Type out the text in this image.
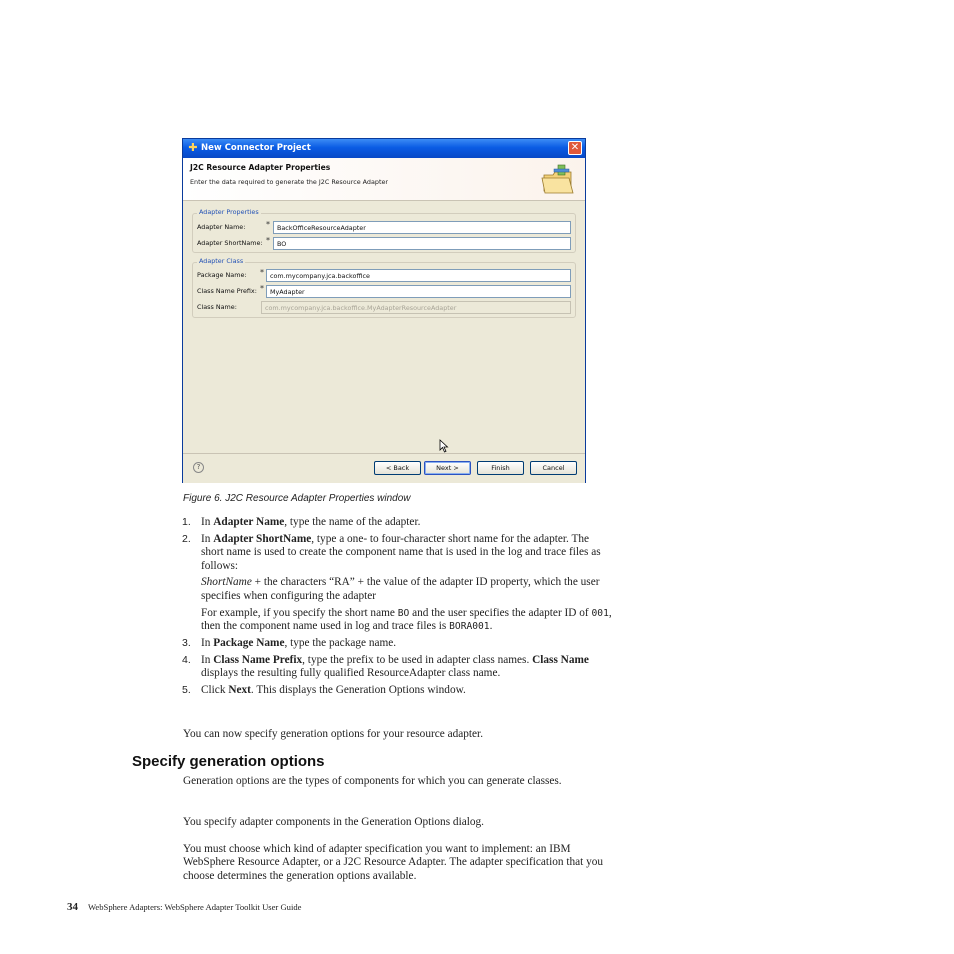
✚ New Connector Project	✕
J2C Resource Adapter Properties
Enter the data required to generate the J2C Resource Adapter
Adapter Properties
Adapter Name:	*	BackOfficeResourceAdapter
Adapter ShortName: *	BO
Adapter Class
Package Name: * com.mycompany.jca.backoffice
Class Name Prefix: * MyAdapter
Class Name:	com.mycompany.jca.backoffice.MyAdapterResourceAdapter
?	< Back	Next >	Finish	Cancel
Figure 6. J2C Resource Adapter Properties window
1. In Adapter Name, type the name of the adapter.

2. In Adapter ShortName, type a one- to four-character short name for the adapter. The short name is used to create the component name that is used in the log and trace files as follows:

ShortName + the characters “RA” + the value of the adapter ID property, which the user specifies when configuring the adapter

For example, if you specify the short name BO and the user specifies the adapter ID of 001, then the component name used in log and trace files is BORA001.

3. In Package Name, type the package name.

4. In Class Name Prefix, type the prefix to be used in adapter class names. Class Name displays the resulting fully qualified ResourceAdapter class name.

5. Click Next. This displays the Generation Options window.

You can now specify generation options for your resource adapter.

Specify generation options

Generation options are the types of components for which you can generate classes.

You specify adapter components in the Generation Options dialog.

You must choose which kind of adapter specification you want to implement: an IBM WebSphere Resource Adapter, or a J2C Resource Adapter. The adapter specification that you choose determines the generation options available.

34 WebSphere Adapters: WebSphere Adapter Toolkit User Guide
